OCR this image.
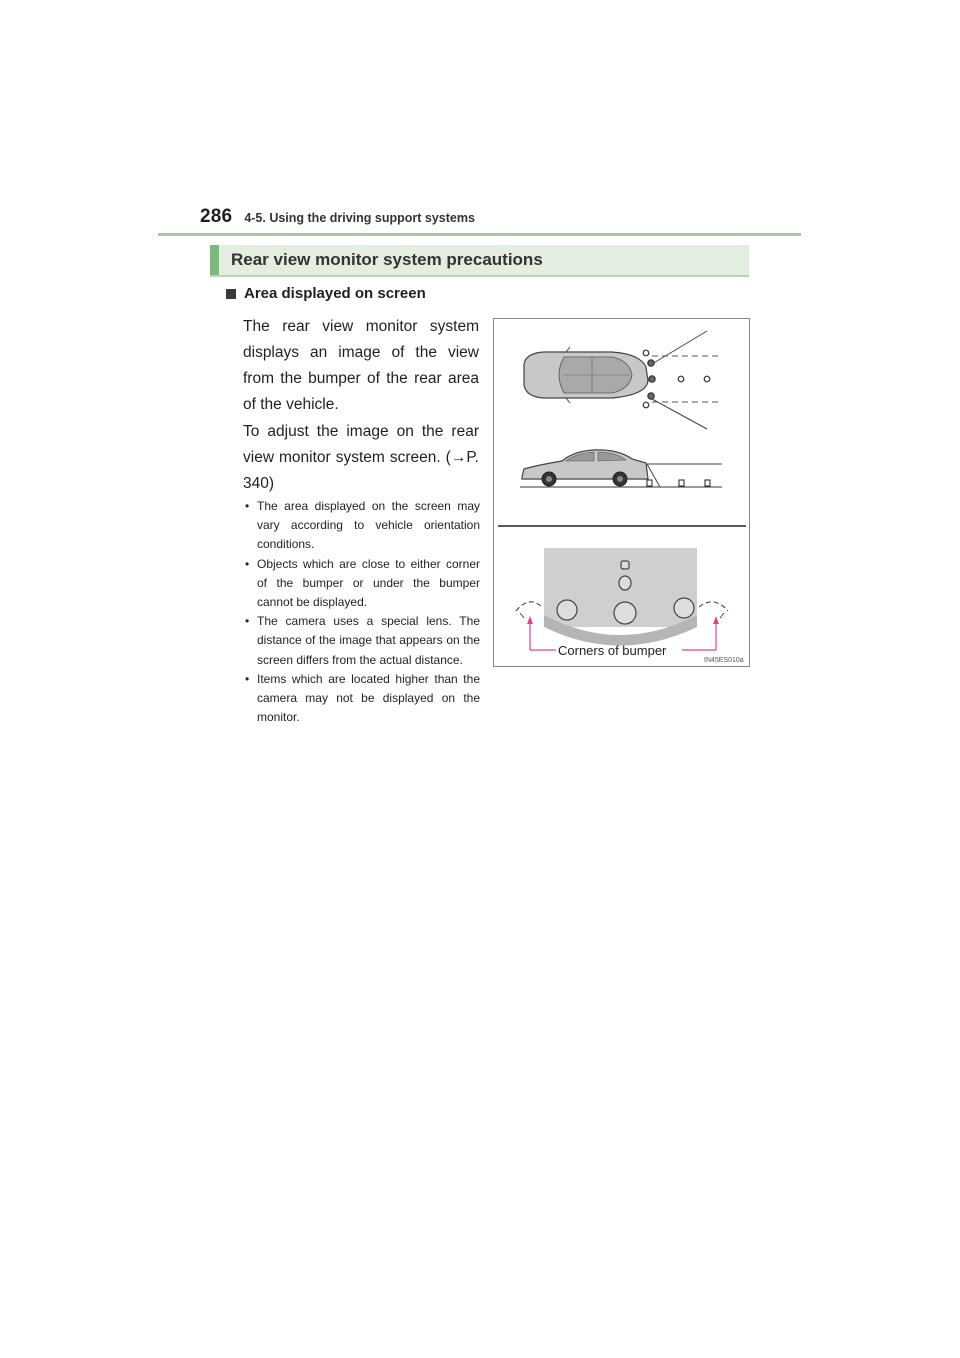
286 4-5. Using the driving support systems
Rear view monitor system precautions
Area displayed on screen
The rear view monitor system displays an image of the view from the bumper of the rear area of the vehicle.
To adjust the image on the rear view monitor system screen. (→P. 340)
• The area displayed on the screen may vary according to vehicle orientation conditions.
• Objects which are close to either corner of the bumper or under the bumper cannot be displayed.
• The camera uses a special lens. The distance of the image that appears on the screen differs from the actual distance.
• Items which are located higher than the camera may not be displayed on the monitor.
Corners of bumper
IN45ES010a
